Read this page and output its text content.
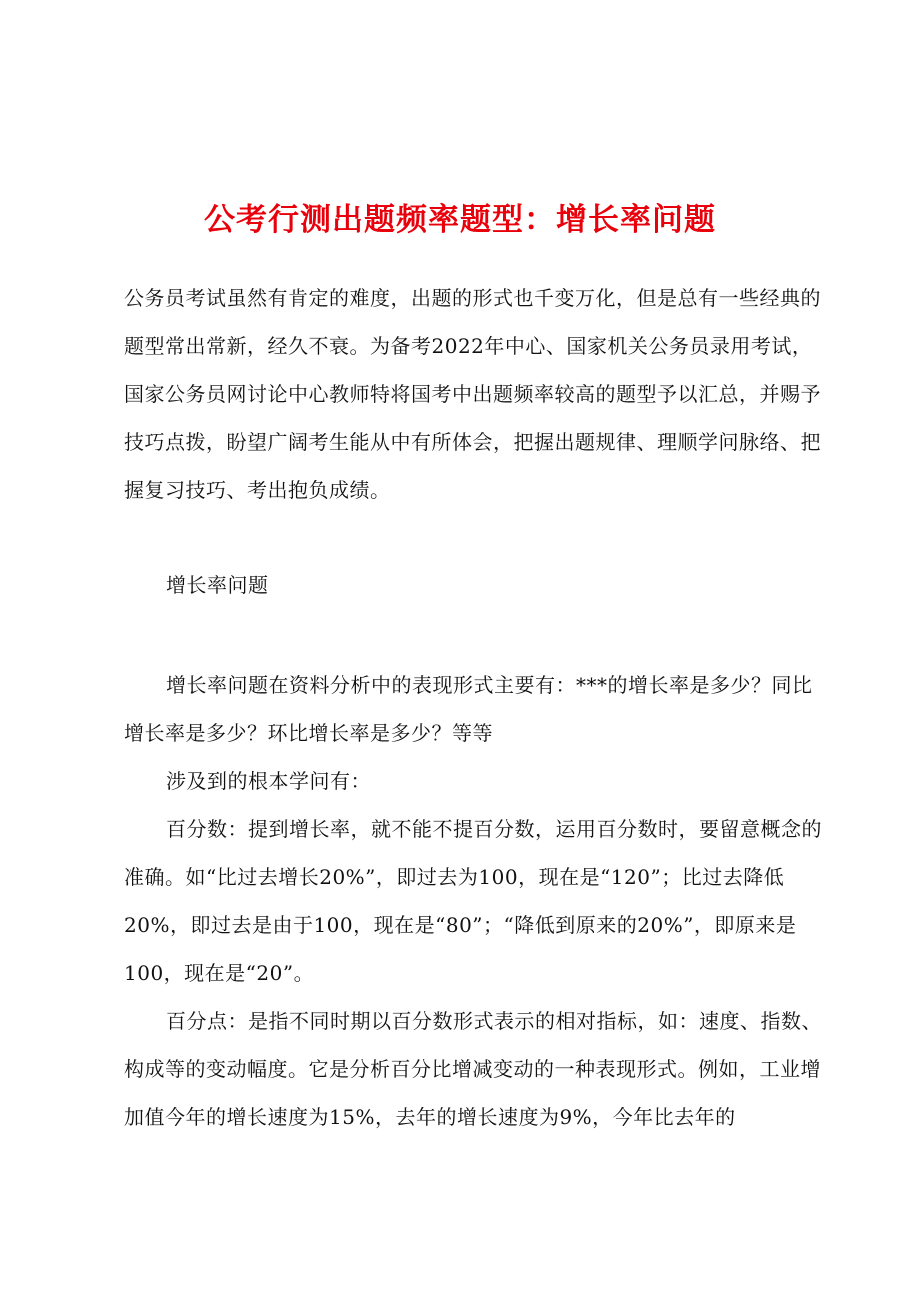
公考行测出题频率题型：增长率问题
公务员考试虽然有肯定的难度，出题的形式也千变万化，但是总有一些经典的题型常出常新，经久不衰。为备考2022年中心、国家机关公务员录用考试，国家公务员网讨论中心教师特将国考中出题频率较高的题型予以汇总，并赐予技巧点拨，盼望广阔考生能从中有所体会，把握出题规律、理顺学问脉络、把握复习技巧、考出抱负成绩。
增长率问题
增长率问题在资料分析中的表现形式主要有：***的增长率是多少？同比增长率是多少？环比增长率是多少？等等
涉及到的根本学问有：
百分数：提到增长率，就不能不提百分数，运用百分数时，要留意概念的准确。如“比过去增长20%”，即过去为100，现在是“120”；比过去降低20%，即过去是由于100，现在是“80”；“降低到原来的20%”，即原来是100，现在是“20”。
百分点：是指不同时期以百分数形式表示的相对指标，如：速度、指数、构成等的变动幅度。它是分析百分比增减变动的一种表现形式。例如，工业增加值今年的增长速度为15%，去年的增长速度为9%，今年比去年的
